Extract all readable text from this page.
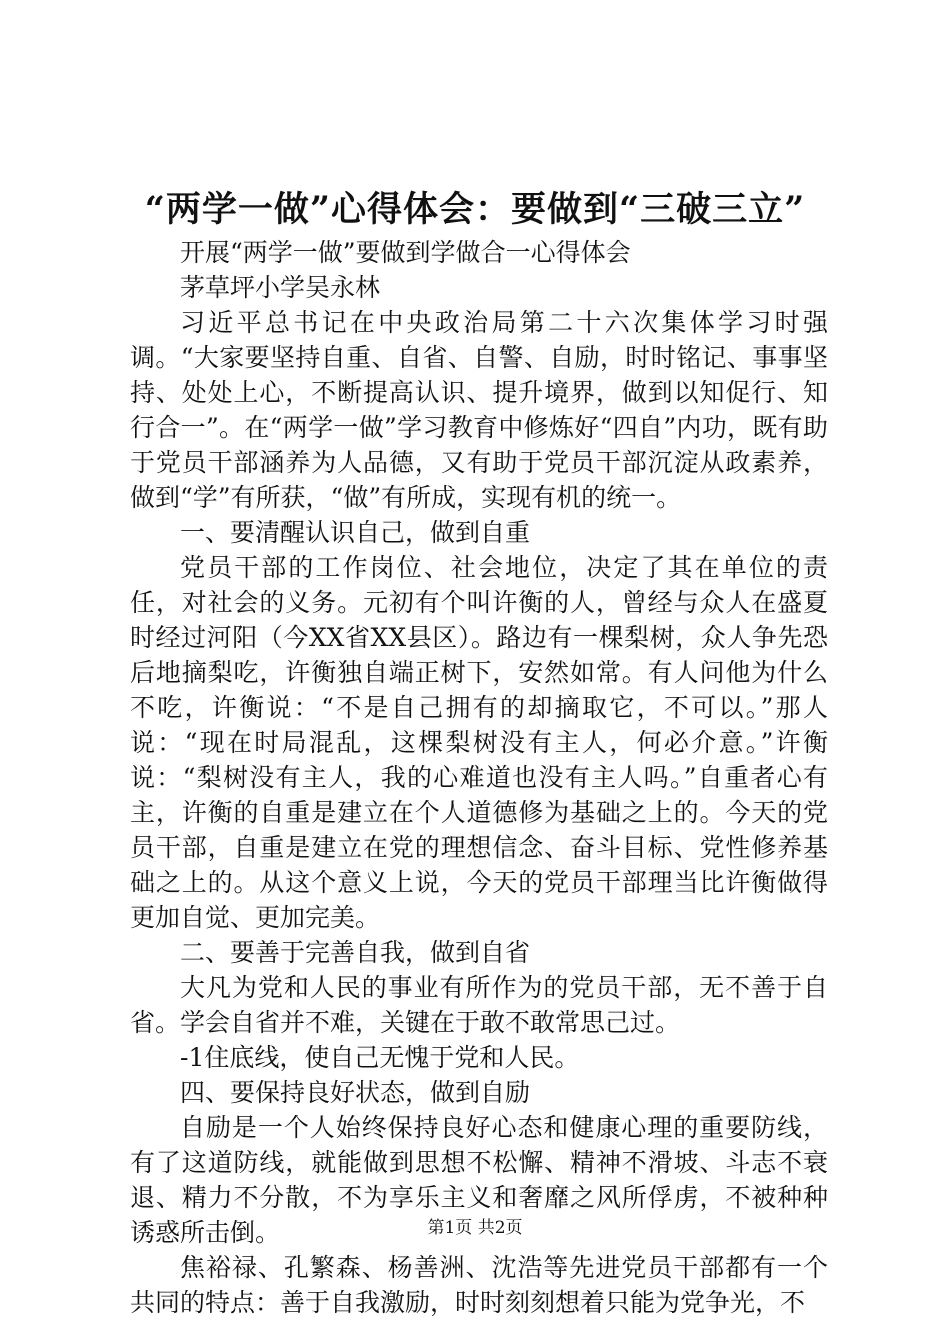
“两学一做”心得体会：要做到“三破三立”

开展“两学一做”要做到学做合一心得体会

茅草坪小学吴永林

习近平总书记在中央政治局第二十六次集体学习时强调。“大家要坚持自重、自省、自警、自励，时时铭记、事事坚持、处处上心，不断提高认识、提升境界，做到以知促行、知行合一”。在“两学一做”学习教育中修炼好“四自”内功，既有助于党员干部涵养为人品德，又有助于党员干部沉淀从政素养，做到“学”有所获，“做”有所成，实现有机的统一。

一、要清醒认识自己，做到自重

党员干部的工作岗位、社会地位，决定了其在单位的责任，对社会的义务。元初有个叫许衡的人，曾经与众人在盛夏时经过河阳（今XX省XX县区）。路边有一棵梨树，众人争先恐后地摘梨吃，许衡独自端正树下，安然如常。有人问他为什么不吃，许衡说：“不是自己拥有的却摘取它，不可以。”那人说：“现在时局混乱，这棵梨树没有主人，何必介意。”许衡说：“梨树没有主人，我的心难道也没有主人吗。”自重者心有主，许衡的自重是建立在个人道德修为基础之上的。今天的党员干部，自重是建立在党的理想信念、奋斗目标、党性修养基础之上的。从这个意义上说，今天的党员干部理当比许衡做得更加自觉、更加完美。

二、要善于完善自我，做到自省

大凡为党和人民的事业有所作为的党员干部，无不善于自省。学会自省并不难，关键在于敢不敢常思己过。

-1住底线，使自己无愧于党和人民。

四、要保持良好状态，做到自励

自励是一个人始终保持良好心态和健康心理的重要防线，有了这道防线，就能做到思想不松懈、精神不滑坡、斗志不衰退、精力不分散，不为享乐主义和奢靡之风所俘虏，不被种种诱惑所击倒。

焦裕禄、孔繁森、杨善洲、沈浩等先进党员干部都有一个共同的特点：善于自我激励，时时刻刻想着只能为党争光，不

第1页 共2页
